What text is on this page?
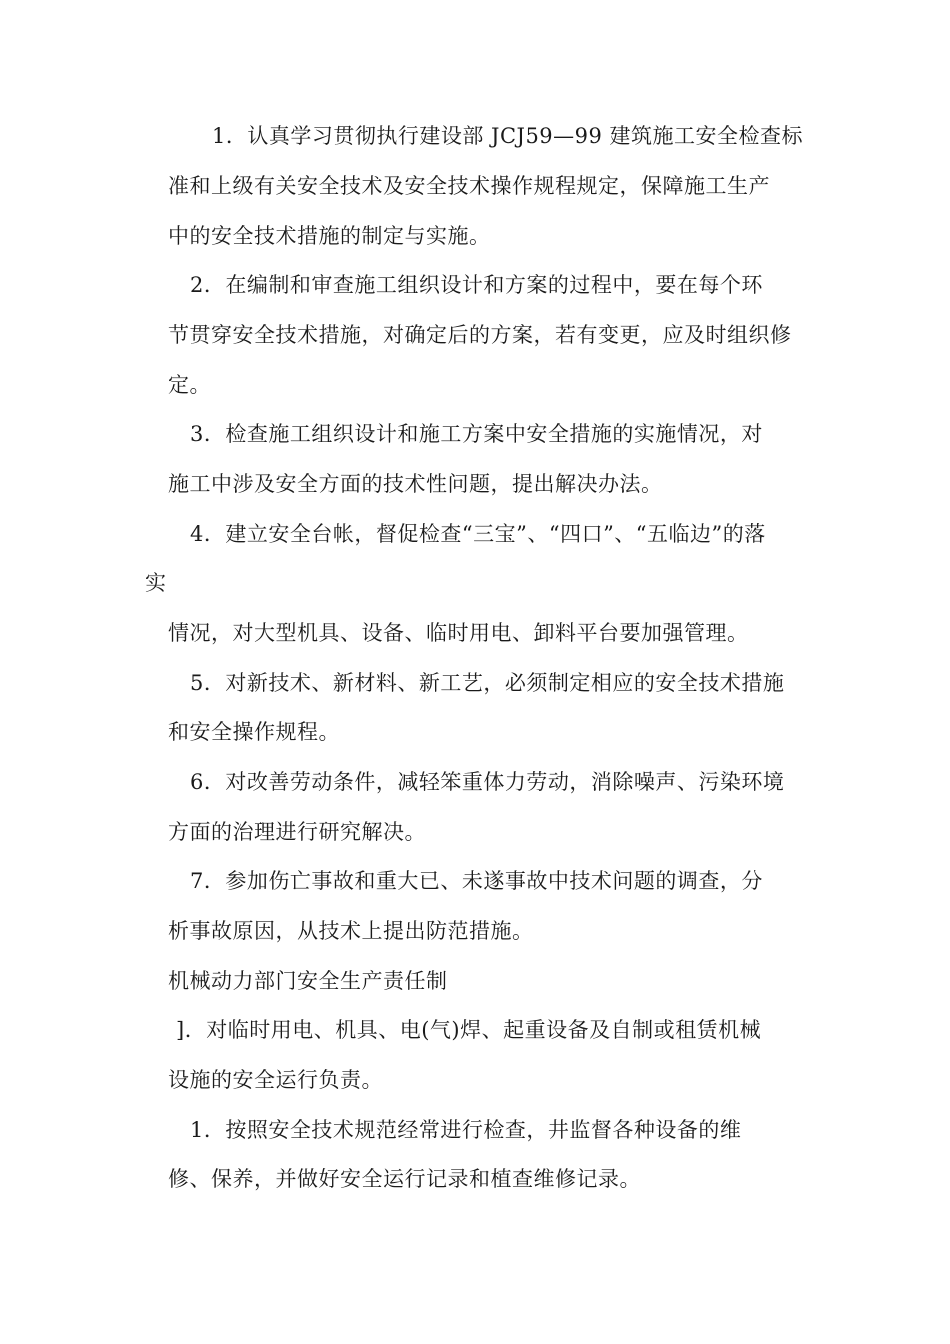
1．认真学习贯彻执行建设部 JCJ59—99 建筑施工安全检查标
准和上级有关安全技术及安全技术操作规程规定，保障施工生产
中的安全技术措施的制定与实施。
2．在编制和审查施工组织设计和方案的过程中，要在每个环
节贯穿安全技术措施，对确定后的方案，若有变更，应及时组织修
定。
3．检查施工组织设计和施工方案中安全措施的实施情况，对
施工中涉及安全方面的技术性问题，提出解决办法。
4．建立安全台帐，督促检查“三宝”、“四口”、“五临边”的落
实
情况，对大型机具、设备、临时用电、卸料平台要加强管理。
5．对新技术、新材料、新工艺，必须制定相应的安全技术措施
和安全操作规程。
6．对改善劳动条件，减轻笨重体力劳动，消除噪声、污染环境
方面的治理进行研究解决。
7．参加伤亡事故和重大已、未遂事故中技术问题的调查，分
析事故原因，从技术上提出防范措施。
机械动力部门安全生产责任制
]．对临时用电、机具、电(气)焊、起重设备及自制或租赁机械
设施的安全运行负责。
1．按照安全技术规范经常进行检查，井监督各种设备的维
修、保养，并做好安全运行记录和植查维修记录。
